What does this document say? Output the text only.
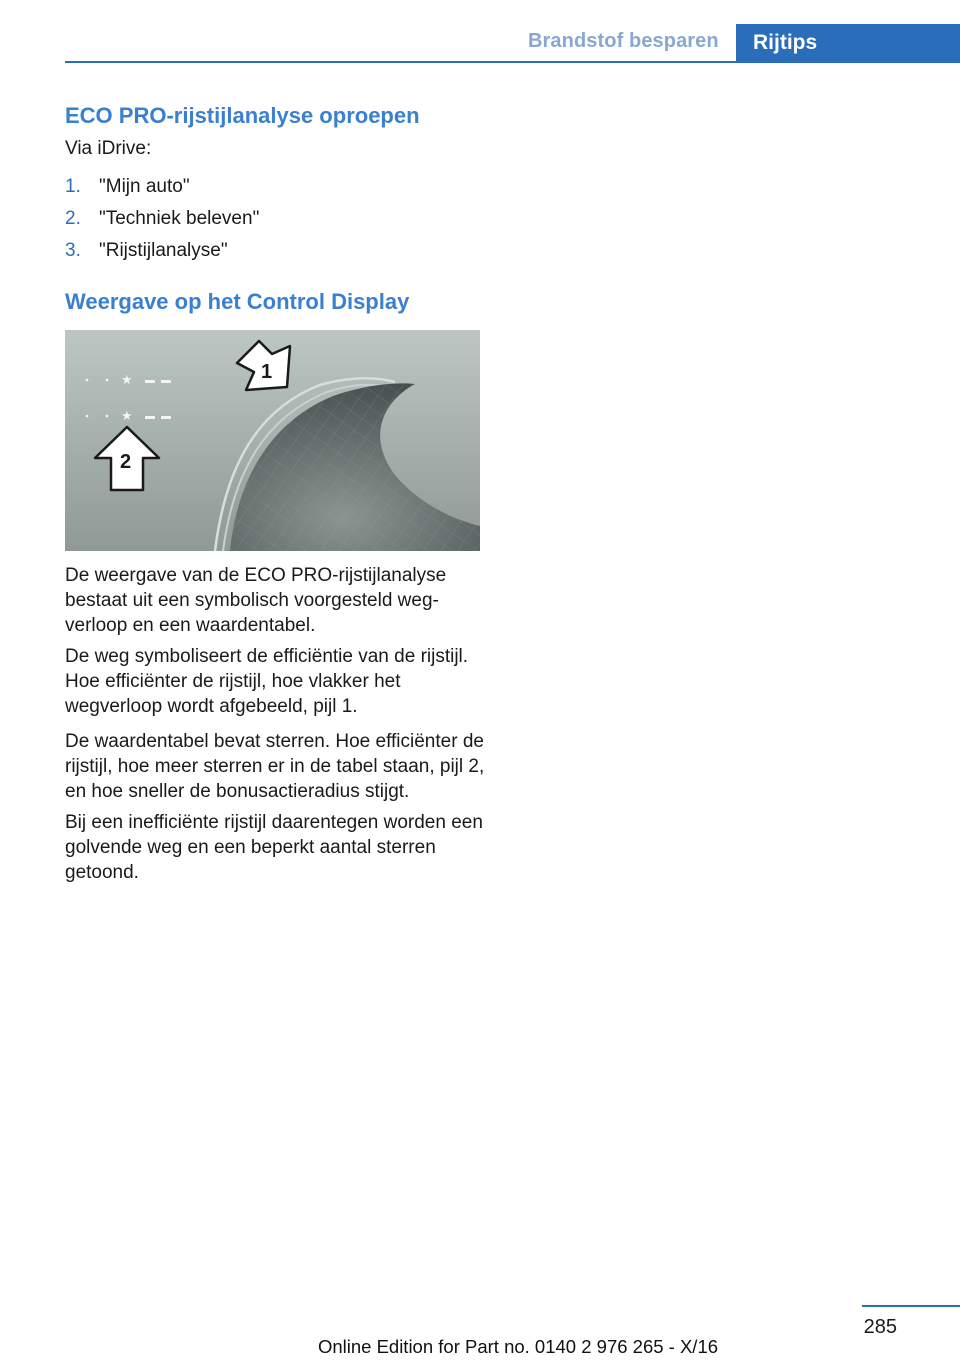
Brandstof besparen Rijtips
ECO PRO-rijstijlanalyse oproepen

Via iDrive:

1. "Mijn auto"
2. "Techniek beleven"
3. "Rijstijlanalyse"
Weergave op het Control Display
★
★
1
2

De weergave van de ECO PRO-rijstijlanalyse bestaat uit een symbolisch voorgesteld wegverloop en een waardentabel.

De weg symboliseert de efficiëntie van de rijstijl. Hoe efficiënter de rijstijl, hoe vlakker het wegverloop wordt afgebeeld, pijl 1.

De waardentabel bevat sterren. Hoe efficiënter de rijstijl, hoe meer sterren er in de tabel staan, pijl 2, en hoe sneller de bonusactieradius stijgt.

Bij een inefficiënte rijstijl daarentegen worden een golvende weg en een beperkt aantal sterren getoond.

285
Online Edition for Part no. 0140 2 976 265 - X/16
